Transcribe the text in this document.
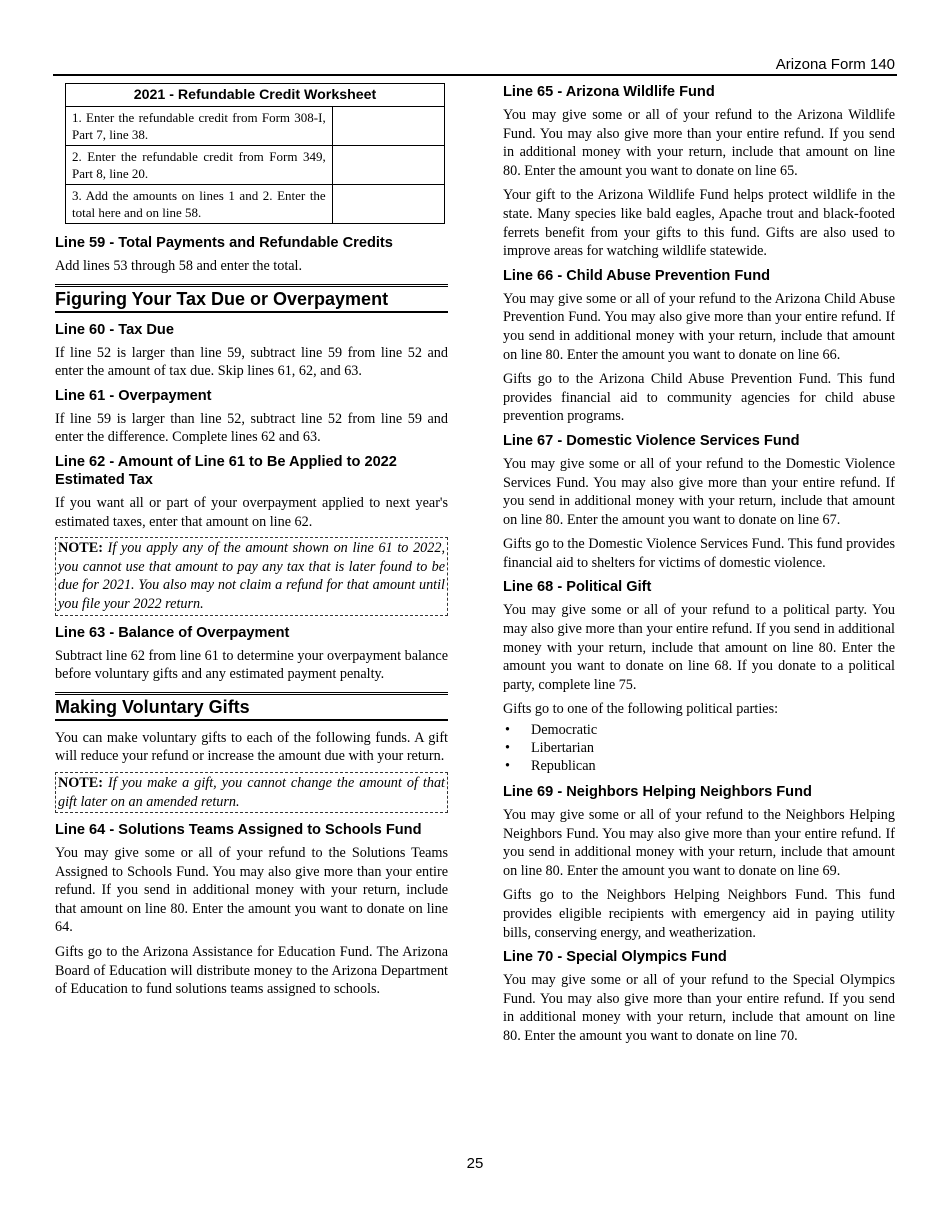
Arizona Form 140
2021 - Refundable Credit Worksheet	
1. Enter the refundable credit from Form 308-I, Part 7, line 38.	
2. Enter the refundable credit from Form 349, Part 8, line 20.	
3. Add the amounts on lines 1 and 2. Enter the total here and on line 58.	
Line 59 - Total Payments and Refundable Credits

Add lines 53 through 58 and enter the total.

Figuring Your Tax Due or Overpayment
Line 60 - Tax Due

If line 52 is larger than line 59, subtract line 59 from line 52 and enter the amount of tax due. Skip lines 61, 62, and 63.

Line 61 - Overpayment

If line 59 is larger than line 52, subtract line 52 from line 59 and enter the difference. Complete lines 62 and 63.

Line 62 - Amount of Line 61 to Be Applied to 2022 Estimated Tax

If you want all or part of your overpayment applied to next year's estimated taxes, enter that amount on line 62.

NOTE: If you apply any of the amount shown on line 61 to 2022, you cannot use that amount to pay any tax that is later found to be due for 2021. You also may not claim a refund for that amount until you file your 2022 return.

Line 63 - Balance of Overpayment

Subtract line 62 from line 61 to determine your overpayment balance before voluntary gifts and any estimated payment penalty.

Making Voluntary Gifts

You can make voluntary gifts to each of the following funds. A gift will reduce your refund or increase the amount due with your return.

NOTE: If you make a gift, you cannot change the amount of that gift later on an amended return.

Line 64 - Solutions Teams Assigned to Schools Fund

You may give some or all of your refund to the Solutions Teams Assigned to Schools Fund. You may also give more than your entire refund. If you send in additional money with your return, include that amount on line 80. Enter the amount you want to donate on line 64.

Gifts go to the Arizona Assistance for Education Fund. The Arizona Board of Education will distribute money to the Arizona Department of Education to fund solutions teams assigned to schools.

Line 65 - Arizona Wildlife Fund

You may give some or all of your refund to the Arizona Wildlife Fund. You may also give more than your entire refund. If you send in additional money with your return, include that amount on line 80. Enter the amount you want to donate on line 65.

Your gift to the Arizona Wildlife Fund helps protect wildlife in the state. Many species like bald eagles, Apache trout and black-footed ferrets benefit from your gifts to this fund. Gifts are also used to improve areas for watching wildlife statewide.

Line 66 - Child Abuse Prevention Fund

You may give some or all of your refund to the Arizona Child Abuse Prevention Fund. You may also give more than your entire refund. If you send in additional money with your return, include that amount on line 80. Enter the amount you want to donate on line 66.

Gifts go to the Arizona Child Abuse Prevention Fund. This fund provides financial aid to community agencies for child abuse prevention programs.

Line 67 - Domestic Violence Services Fund

You may give some or all of your refund to the Domestic Violence Services Fund. You may also give more than your entire refund. If you send in additional money with your return, include that amount on line 80. Enter the amount you want to donate on line 67.

Gifts go to the Domestic Violence Services Fund. This fund provides financial aid to shelters for victims of domestic violence.

Line 68 - Political Gift

You may give some or all of your refund to a political party. You may also give more than your entire refund. If you send in additional money with your return, include that amount on line 80. Enter the amount you want to donate on line 68. If you donate to a political party, complete line 75.

Gifts go to one of the following political parties:

• Democratic
• Libertarian
• Republican
Line 69 - Neighbors Helping Neighbors Fund

You may give some or all of your refund to the Neighbors Helping Neighbors Fund. You may also give more than your entire refund. If you send in additional money with your return, include that amount on line 80. Enter the amount you want to donate on line 69.

Gifts go to the Neighbors Helping Neighbors Fund. This fund provides eligible recipients with emergency aid in paying utility bills, conserving energy, and weatherization.

Line 70 - Special Olympics Fund

You may give some or all of your refund to the Special Olympics Fund. You may also give more than your entire refund. If you send in additional money with your return, include that amount on line 80. Enter the amount you want to donate on line 70.

25
